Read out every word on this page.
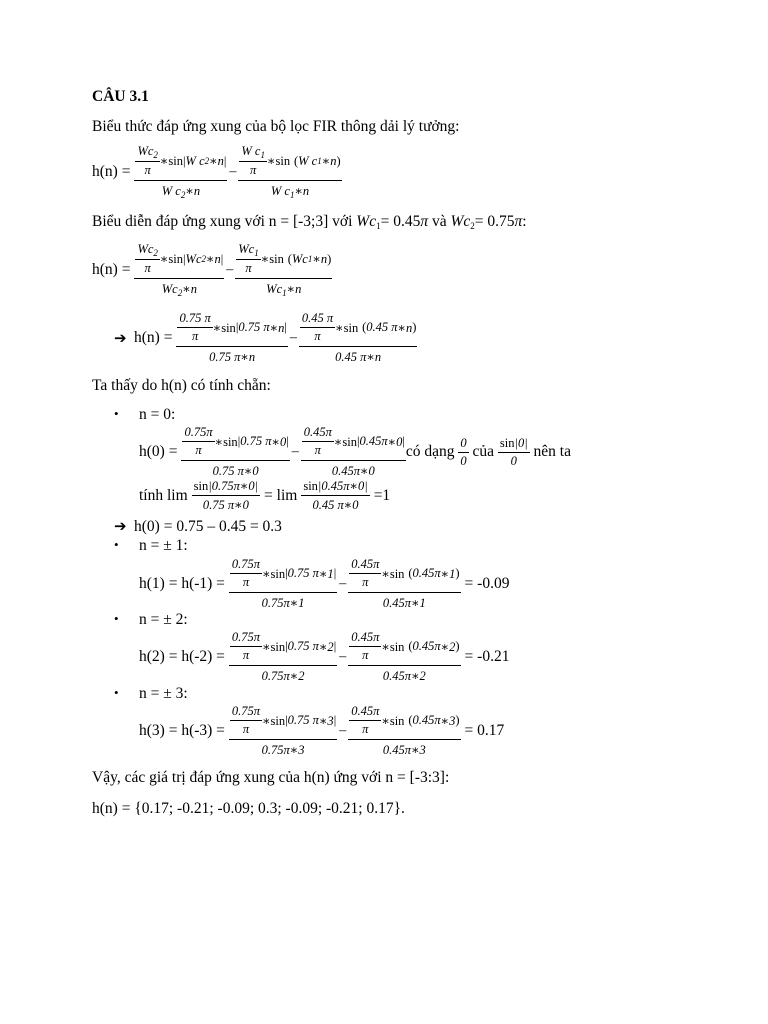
CÂU 3.1
Biểu thức đáp ứng xung của bộ lọc FIR thông dải lý tưởng:
$h(n) = \frac{\frac{Wc_2}{\pi} ∗\sin | W c 2 ∗n |}{W c_2∗n} - \frac{W c_1}{\pi}$ ∗sin
( W c 1 ∗n )
W $c_1∗n$
Biểu diễn đáp ứng xung với n = [-3;3] với $Wc_1= 0.45\pi$ và $Wc_2= 0.75\pi$:
$h(n) = \frac{\frac{Wc_2}{\pi} ∗\sin | Wc 2 ∗n |}{Wc_2∗n} - \frac{Wc_1}{\pi}$ ∗sin
( Wc 1 ∗n )
$Wc_1∗n$
➔ $h(n) = \frac{\frac{0.75 \pi}{\pi} ∗\sin | 0.75 \pi ∗n |}{0.75 \pi∗n} - \frac{0.45 \pi}{\pi}$ ∗sin
( 0.45 π ∗n )
0.45 π∗n
Ta thấy do h(n) có tính chẵn:
• n = 0:
$h(0) = \frac{\frac{0.75\pi}{\pi} ∗\sin | 0.75 \pi ∗0 |}{0.75 \pi∗0} - \frac{\frac{0.45\pi}{\pi} ∗\sin | 0.45 \pi ∗0 |}{0.45\pi∗0}$ có dạng
$\frac{0}{0}$
của
$\frac{\sin|0|}{0}$
nên ta
tính $\lim \frac{\sin|0.75\pi∗0|}{0.75 \pi∗0} = \lim \frac{\sin|0.45\pi∗0|}{0.45 \pi∗0} =1$
➔ h(0) = 0.75 – 0.45 = 0.3
• n = ± 1:
$h(1) = h(-1) = \frac{\frac{0.75\pi}{\pi} ∗\sin | 0.75 \pi ∗1 |}{0.75\pi∗1} - \frac{0.45\pi}{\pi}$ ∗sin
( 0.45 π ∗1 )
0.45π∗1 = -0.09
• n = ± 2:
$h(2) = h(-2) = \frac{\frac{0.75\pi}{\pi} ∗\sin | 0.75 \pi ∗2 |}{0.75\pi∗2} - \frac{0.45\pi}{\pi}$ ∗sin
( 0.45 π ∗2 )
0.45π∗2 = -0.21
• n = ± 3:
$h(3) = h(-3) = \frac{\frac{0.75\pi}{\pi} ∗\sin | 0.75 \pi ∗3 |}{0.75\pi∗3} - \frac{0.45\pi}{\pi}$ ∗sin
( 0.45 π ∗3 )
0.45π∗3 = 0.17
Vậy, các giá trị đáp ứng xung của h(n) ứng với n = [-3:3]:
h(n) = {0.17; -0.21; -0.09; 0.3; -0.09; -0.21; 0.17}.
